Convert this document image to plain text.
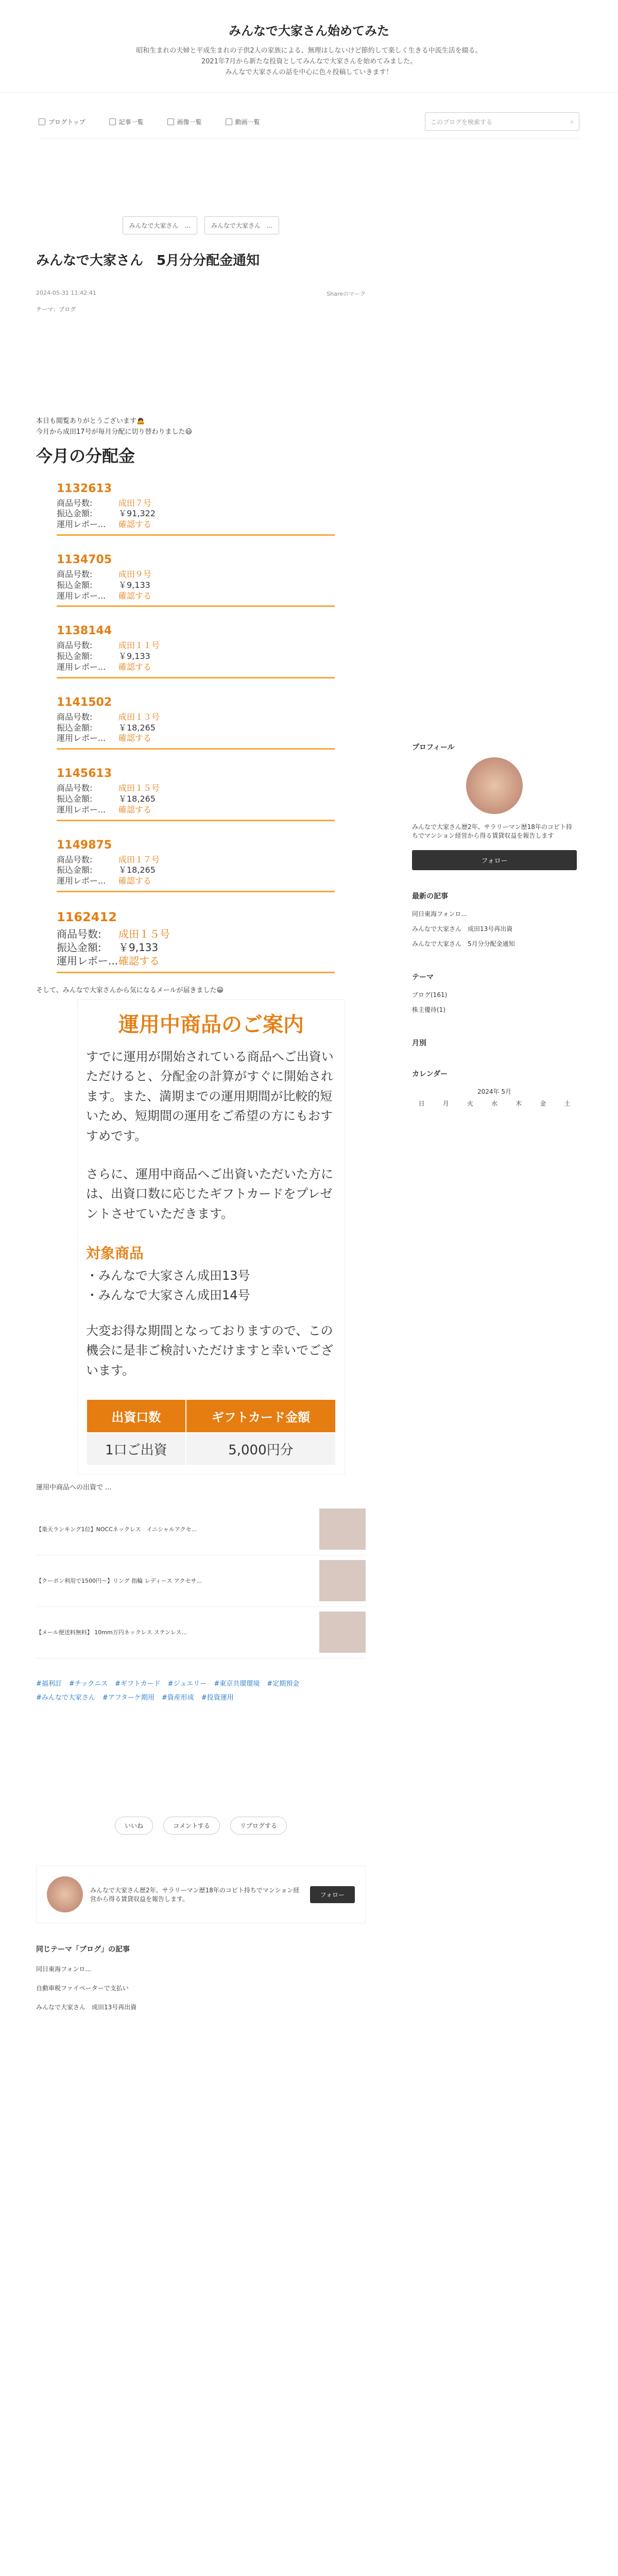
みんなで大家さん始めてみた

昭和生まれの夫婦と平成生まれの子供2人の家族による、無理はしないけど節約して楽しく生きる中流生活を綴る。

2021年7月から新たな投資としてみんなで大家さんを始めてみました。

みんなで大家さんの話を中心に色々投稿していきます！

ブログトップ	記事一覧	画像一覧	動画一覧	このブログを検索する	⌕
みんなで大家さん　...	みんなで大家さん　...
みんなで大家さん　5月分分配金通知
2024-05-31 11:42:41	Shareのマーク
テーマ：ブログ
本日も閲覧ありがとうございます🙇
今月から成田17号が毎月分配に切り替わりました😃
今月の分配金
1132613
商品号数:	成田７号
振込金額:	￥91,322
運用レポー...	確認する
1134705
商品号数:	成田９号
振込金額:	￥9,133
運用レポー...	確認する
1138144
商品号数:	成田１１号
振込金額:	￥9,133
運用レポー...	確認する
1141502
商品号数:	成田１３号
振込金額:	￥18,265
運用レポー...	確認する
1145613
商品号数:	成田１５号
振込金額:	￥18,265
運用レポー...	確認する
1149875
商品号数:	成田１７号
振込金額:	￥18,265
運用レポー...	確認する
1162412
商品号数:	成田１５号
振込金額:	￥9,133
運用レポー... 確認する
そして、みんなで大家さんから気になるメールが届きました😀
運用中商品のご案内

すでに運用が開始されている商品へご出資いただけると、分配金の計算がすぐに開始されます。また、満期までの運用期間が比較的短いため、短期間の運用をご希望の方にもおすすめです。

さらに、運用中商品へご出資いただいた方には、出資口数に応じたギフトカードをプレゼントさせていただきます。

対象商品
・みんなで大家さん成田13号
・みんなで大家さん成田14号

大変お得な期間となっておりますので、この機会に是非ご検討いただけますと幸いでございます。

出資口数	ギフトカード金額
1口ご出資	5,000円分
運用中商品への出資で ...
【楽天ランキング1位】NOCCネックレス　イニシャルアクセ...
【クーポン利用で1500円〜】リング 指輪 レディース アクセサ...
【メール便送料無料】 10mm万円ネックレス ステンレス...
#福利訂 #チックニス #ギフトカード #ジュエリー #東京共環環境 #定期預金
#みんなで大家さん #アフターケ期用 #資産形成 #投資運用
いいね	コメントする	リブログする
みんなで大家さん歴2年、サラリーマン歴18年のコビト持ちでマンション経営から得る賃貸収益を報告します。
フォロー
同じテーマ「ブログ」の記事
同日東海フォンロ...
自動車税ファイペーターで支払い
みんなで大家さん　成田13号再出資
プロフィール
みんなで大家さん歴2年、サラリーマン歴18年のコビト持ちでマンション経営から得る賃貸収益を報告します
フォロー
最新の記事
同日東海フォンロ...
みんなで大家さん　成田13号再出資
みんなで大家さん　5月分分配金通知
テーマ
ブログ(161)
株主優待(1)
月別
カレンダー
2024年 5月
日	月	火	水	木	金	土
